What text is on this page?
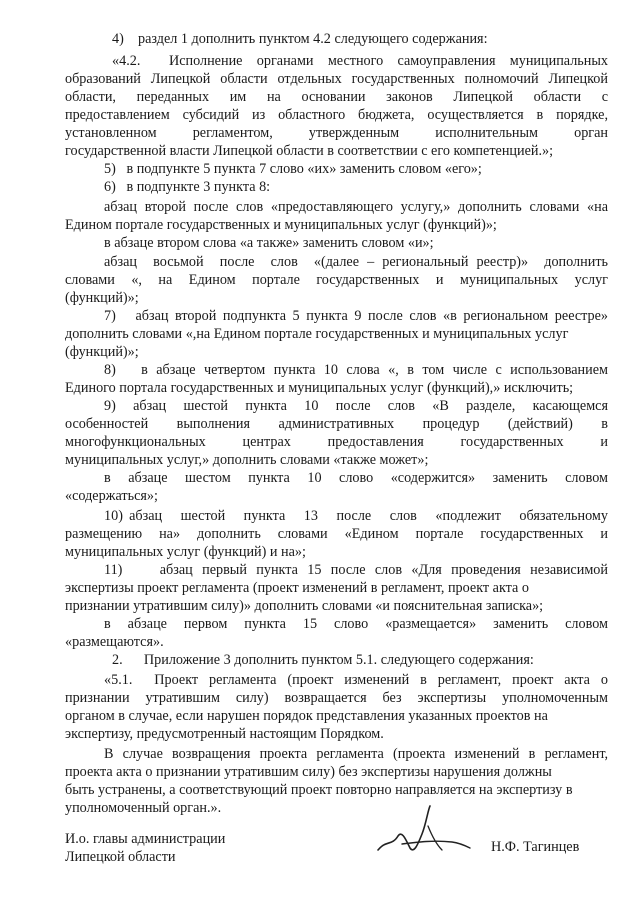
4)    раздел 1 дополнить пунктом 4.2 следующего содержания:

«4.2.  Исполнение органами местного самоуправления муниципальных

образований Липецкой области отдельных государственных полномочий Липецкой

области,    переданных    им    на    основании    законов    Липецкой    области    с

предоставлением субсидий из областного бюджета, осуществляется в порядке,

установленном    регламентом,    утвержденным    исполнительным    орган

государственной власти Липецкой области в соответствии с его компетенцией.»;

5)   в подпункте 5 пункта 7 слово «их» заменить словом «его»;

6)   в подпункте 3 пункта 8:

абзац второй после слов «предоставляющего услугу,» дополнить словами «на

Едином портале государственных и муниципальных услуг (функций)»;

в абзаце втором слова «а также» заменить словом «и»;

абзац  восьмой  после  слов  «(далее – региональный реестр)»  дополнить

словами  «,  на  Едином  портале  государственных  и  муниципальных  услуг

(функций)»;

7)   абзац второй подпункта 5 пункта 9 после слов «в региональном реестре»

дополнить словами «,на Едином портале государственных и муниципальных услуг

(функций)»;

8)   в абзаце четвертом пункта 10 слова «, в том числе с использованием

Единого портала государственных и муниципальных услуг (функций),» исключить;

9)   абзац   шестой   пункта   10   после   слов   «В   разделе,   касающемся

особенностей    выполнения    административных    процедур    (действий)    в

многофункциональных      центрах      предоставления      государственных      и

муниципальных услуг,» дополнить словами «также может»;

в    абзаце    шестом    пункта    10    слово    «содержится»    заменить    словом

«содержаться»;

10) абзац   шестой   пункта   13   после   слов   «подлежит   обязательному

размещению  на»  дополнить  словами  «Едином  портале  государственных  и

муниципальных услуг (функций) и на»;

11)    абзац первый пункта 15 после слов «Для проведения независимой

экспертизы проект регламента (проект изменений в регламент, проект акта о

признании утратившим силу)» дополнить словами «и пояснительная записка»;

в   абзаце   первом   пункта   15   слово   «размещается»   заменить   словом

«размещаются».

2.      Приложение 3 дополнить пунктом 5.1. следующего содержания:

«5.1.  Проект регламента (проект изменений в регламент, проект акта о

признании  утратившим  силу)  возвращается  без  экспертизы  уполномоченным

органом в случае, если нарушен порядок представления указанных проектов на

экспертизу, предусмотренный настоящим Порядком.

В случае возвращения проекта регламента (проекта изменений в регламент,

проекта акта о признании утратившим силу) без экспертизы нарушения должны

быть устранены, а соответствующий проект повторно направляется на экспертизу в

уполномоченный орган.».

И.о. главы администрации
Липецкой области
Н.Ф. Тагинцев
